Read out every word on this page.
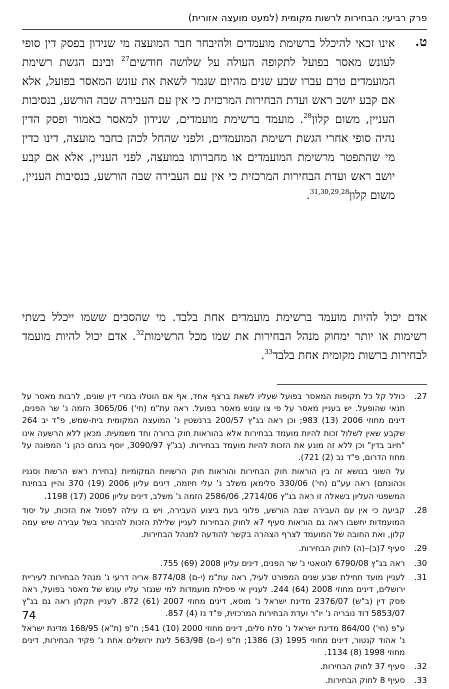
פרק רביעי: הבחירות לרשות מקומית (למעט מועצה אזורית)
ט.

אינו זכאי להיכלל ברשימת מועמדים ולהיבחר חבר המועצה מי שנידון בפסק דין סופי לעונש מאסר בפועל לתקופה העולה על שלושה חודשים$^{27}$ ובינם הגשת רשימת המועמדים טרם עברו שבע שנים מהיום שגמר לשאת את עונש המאסר בפועל, אלא אם קבע יושב ראש ועדת הבחירות המרכזית כי אין עם העבירה שבה הורשע, בנסיבות העניין, משום קלון$^{28}$. מועמד ברשימת מועמדים, שנידון למאסר כאמור ופסק הדין נהיה סופי אחרי הגשת רשימת המועמדים, ולפני שהחל לכהן כחבר מועצה, דינו כדין מי שהתפטר מרשימת המועמדים או מחברותו במועצה, לפני העניין, אלא אם קבע יושב ראש ועדת הבחירות המרכזית כי אין עם העבירה שבה הורשע, בנסיבות העניין, משום קלון$^{31,30,29,28}$.

אדם יכול להיות מועמד ברשימת מועמדים אחת בלבד. מי שהסכים ששמו ייכלל בשתי רשימות או יותר ימחוק מנהל הבחירות את שמו מכל הרשימות$^{32}$. אדם יכול להיות מועמד לבחירות ברשות מקומית אחת בלבד$^{33}$.

27.
כולל קל כל תקופות המאסר בפועל שעליו לשאת ברצף אחד, אף אם הוטלו בגזרי דין שונים, לרבות מאסר על תנאי שהופעל. יש בעניין מאסר על פי צו עונש מאסר בפועל. ראה עת"מ (חי') 3065/06 הזמה נ' שר הפנים, דינים מחוזי 2006 (13) 983; וכן ראה בג"ץ 200/57 ברנשטין נ' המועצה המקומית בית-שמש, פ"ד יב 264 שקבע שאין לשלול זכות להיות מועמד בבחירות אלא בהוראות חוק ברורה וחד משמעית. מכאן ללא הרשעה אינו "חיוב בדין" וכן ללא זה מונע את הזכות להיות מועמד בבחירות. (בג"ץ 3090/97, יוסף בנחם כהן נ' המפונה על מחוז הדרום, פ"ד נב (2) 721).
על השוני בנושא זה בין הוראות חוק הבחירות והוראות חוק הרשויות המקומיות (בחירת ראש הרשות וסגניו וכהונתם) ראה עע"ם (חי') 330/06 סלימאן משלב נ' עלי חיזמה, דינים עליון 2006 (19) 370 והיין בבחינת המשפטי העליון בשאלה זו ראה בג"ץ 2714/06, 2586/06 הזמה נ' משלב, דינים עליון 2006 (17) 1198.
28.
קביעה כי אין עם העבירה שבה הורשע, פלוני בעת ביצוע העבירה, ויש בו עילה לפסול את הזכות, על יסוד המועמדות יחשבו ראה גם הוראות סעיף 7א לחוק הבחירות לעניין שלילת הזכות להיבחר בשל עבירה שיש עמה קלון, ואת החובה של המועמד לצרף הצהרה בקשר להודעה למנהל הבחירות.
29.
סעיף 7(ב)–(ה) לחוק הבחירות.
30.
ראה בג"ץ 6790/08 לוטאטי נ' שר הפנים, דינים עליון 2008 (69) 755.
31.
לעניין מועד תחילת שבע שנים המפורט לעיל, ראה עת"מ (י-ם) 8774/08 אריה דרעי נ' מנהל הבחירות לעיריית ירושלים, דינים מחוזי 2008 (64) 244. לעניין אי פסילת מועמדות למי שנגזר עליו עונש של מאסר בפועל, ראה פסק דין (ב"ש) 2376/07 מדינת ישראל נ' מוסא, דינים מחוזי 2007 (61) 872. לעניין תקלון ראה גם בג"ץ 5853/07 דוד נובריה נ' יו"ר ועדת הבחירות המרכזית, פ"ד נז (4) 857.
ע"פ (חי') 864/00 מדינת ישראל נ' סלח סלים, דינים מחוזי 2000 (10) 541; ח"פ (ת"א) 168/95 מדינת ישראל נ' אהוד קנטור, דינים מחוזי 1995 (3) 1386; ת"פ (י-ם) 563/98 ליגת ירושלים אחת נ' פקיד הבחירות, דינים מחוזי 1998 (8) 1134.
32.
סעיף 37 לחוק הבחירות.
33.
סעיף 8 לחוק הבחירות.
74
